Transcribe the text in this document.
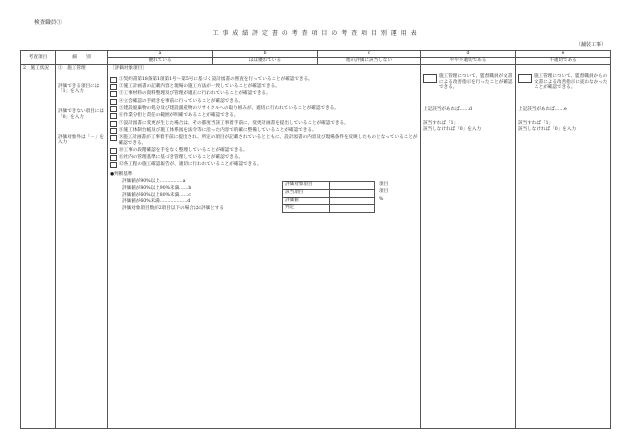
検査職員①
工 事 成 績 評 定 書 の 考 査 項 目 の 考 査 項 目 別 運 用 表
（舗装工事）
考査項目	細　　別	a	b	c	d	e
優れている	ほぼ優れている	他の評価に該当しない	やや不適切である	不適切である
2　施工状況	①　施工管理
評価できる項目には「1」を入力
評価できない項目には「0」を入力
評価対象外は「－」を入力

［評価対象項目］
①契約書第18条第1項第1号～第5号に基づく設計図書の照査を行っていることが確認できる。
②施工計画書の記載内容と現場の施工方法が一致していることが確認できる。
③工事材料の資料整理及び管理が適正に行われていることが確認できる。
④立会確認の手続きを事前に行っていることが確認できる。
⑤建設廃棄物の処分及び建設副産物のリサイクルへの取り組みが、適切に行われていることが確認できる。
⑥作業分担と責任の範囲が明確であることが確認できる。
⑦設計図書に変更が生じた場合は、その都度当該工事着手前に、変更計画書を提出していることが確認できる。
⑧施工体制台帳及び施工体系図を法令等に沿った内容で的確に整備していることが確認できる。
⑨施工計画書が工事着手前に提出され、所定の項目が記載されているとともに、設計図書の内容及び現場条件を反映したものとなっていることが確認できる。
⑩工事の段階確認を手をなく整理していることが確認できる。
⑪社内の管理基準に基づき管理していることが確認できる。
⑫各工程の施工確認報告が、適切に行われていることが確認できる。
●判断基準
評価値が90%以上……………a
評価値が80%以上90%未満……b
評価値が60%以上80%未満……c
評価値が60%未満………………d
評価対象項目数が2項目以下の場合はc評価とする
評価対象項目		項目
該当項目		項目
評価値		%
判定		

施工管理について、監督職員が文書による改善指示を行ったことが確認できる。
上記該当があれば……d
該当すれば「1」
該当しなければ「0」を入力

施工管理について、監督職員からの文書による改善指示に従わなかったことが確認できる。
上記該当があれば……e
該当すれば「1」
該当しなければ「0」を入力
